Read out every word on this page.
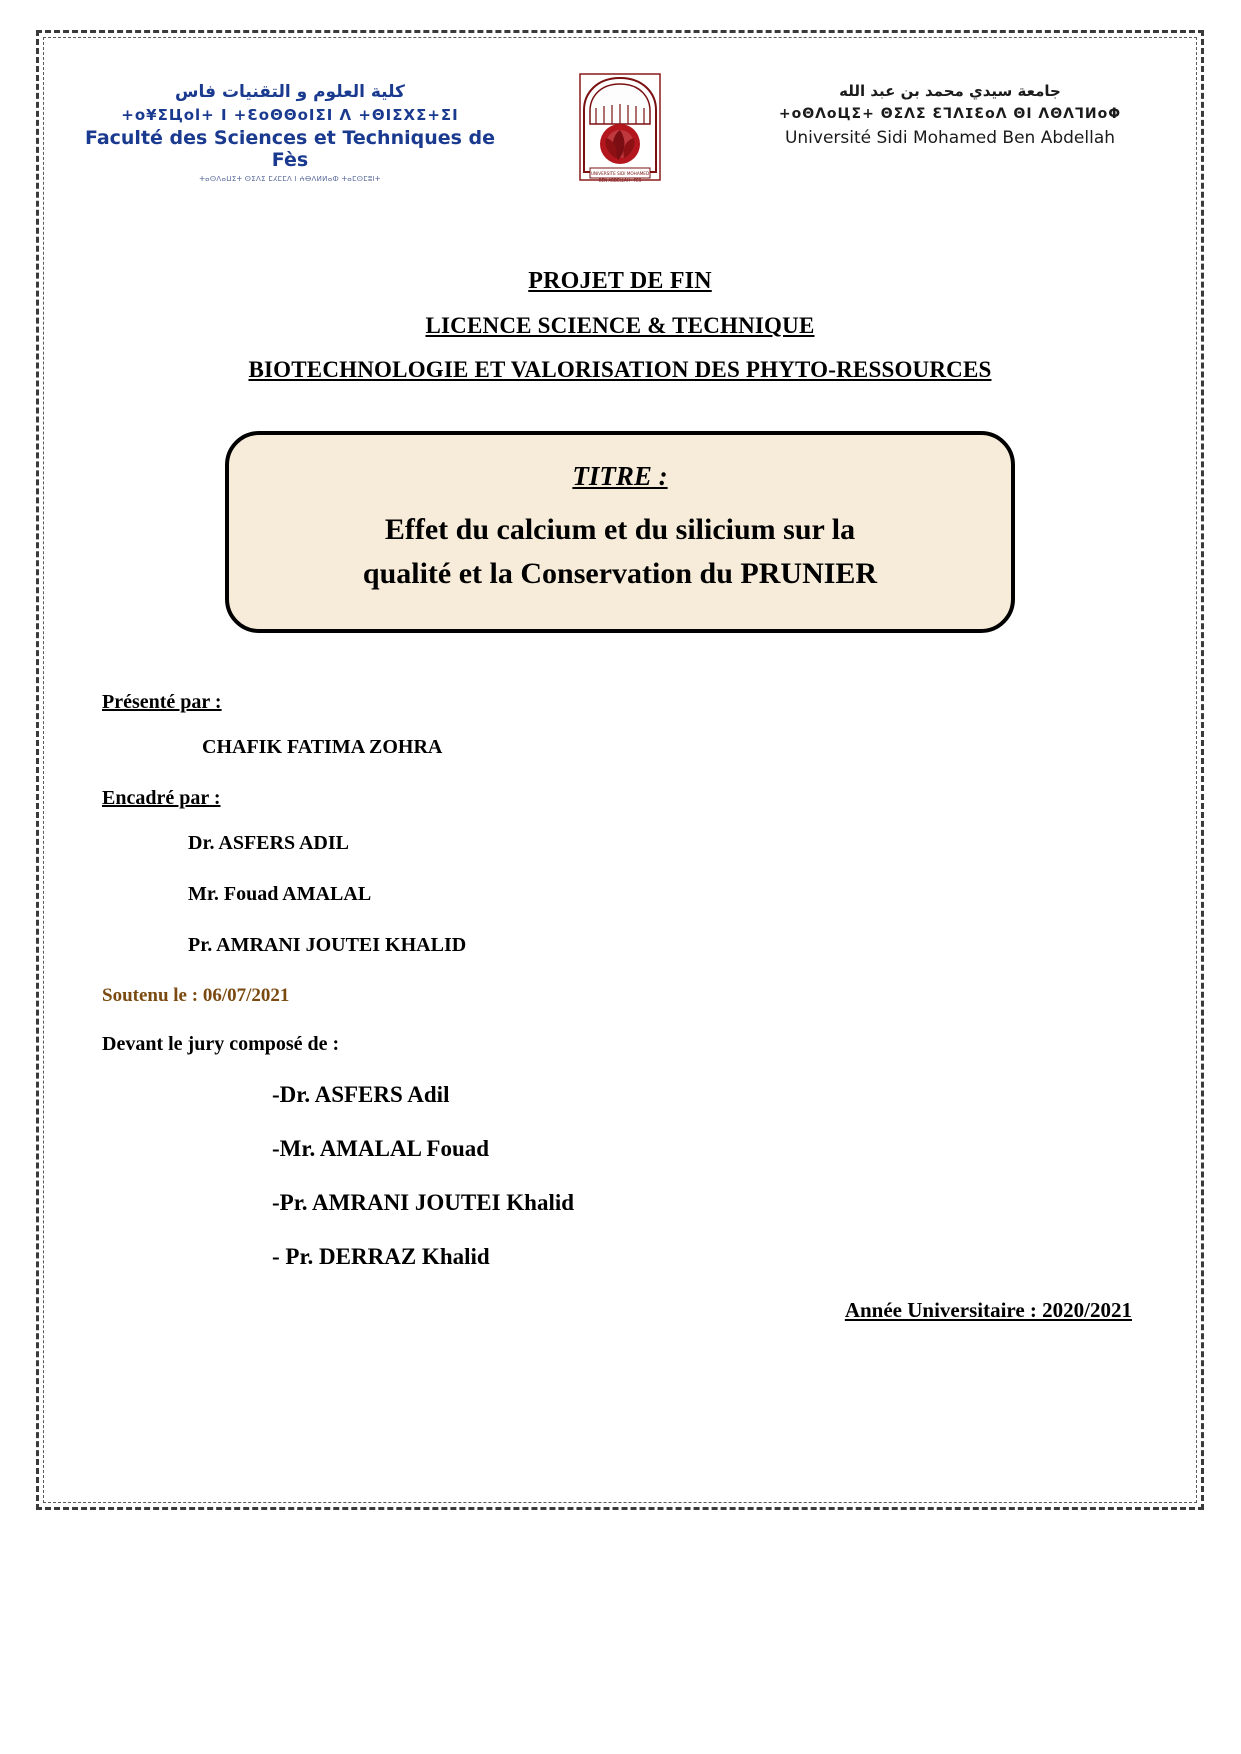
كلية العلوم و التقنيات فاس
+o¥ΣЦol+ I +ƐoΘΘoIΣI Λ +ΘIΣΧΣ+ΣI
Faculté des Sciences et Techniques de Fès
ⵜⴰⵙⴷⴰⵡⵉⵜ ⵙⵉⴷⵉ ⵎⵃⵎⵎⴷ ⵏ ⵄⴱⴷⵍⵍⴰⵀ ⵜⴰⵎⵙⵎⵓⵏⵜ
UNIVERSITE SIDI MOHAMED
BEN ABDELLAH - FES
جامعة سيدي محمد بن عبد الله
+oΘΛoЦΣ+ ΘΣΛΣ ƐꞀΛⵊƐoΛ ΘI ΛΘΛꞀИoΦ
Université Sidi Mohamed Ben Abdellah
PROJET DE FIN
LICENCE SCIENCE & TECHNIQUE
BIOTECHNOLOGIE ET VALORISATION DES PHYTO-RESSOURCES
TITRE :
Effet du calcium et du silicium sur la
qualité et la Conservation du PRUNIER
Présenté par :
CHAFIK FATIMA ZOHRA
Encadré par :
Dr. ASFERS ADIL
Mr. Fouad AMALAL
Pr. AMRANI JOUTEI KHALID
Soutenu le : 06/07/2021
Devant le jury composé de :
-Dr. ASFERS Adil
-Mr. AMALAL Fouad
-Pr. AMRANI JOUTEI Khalid
- Pr. DERRAZ Khalid
Année Universitaire : 2020/2021
